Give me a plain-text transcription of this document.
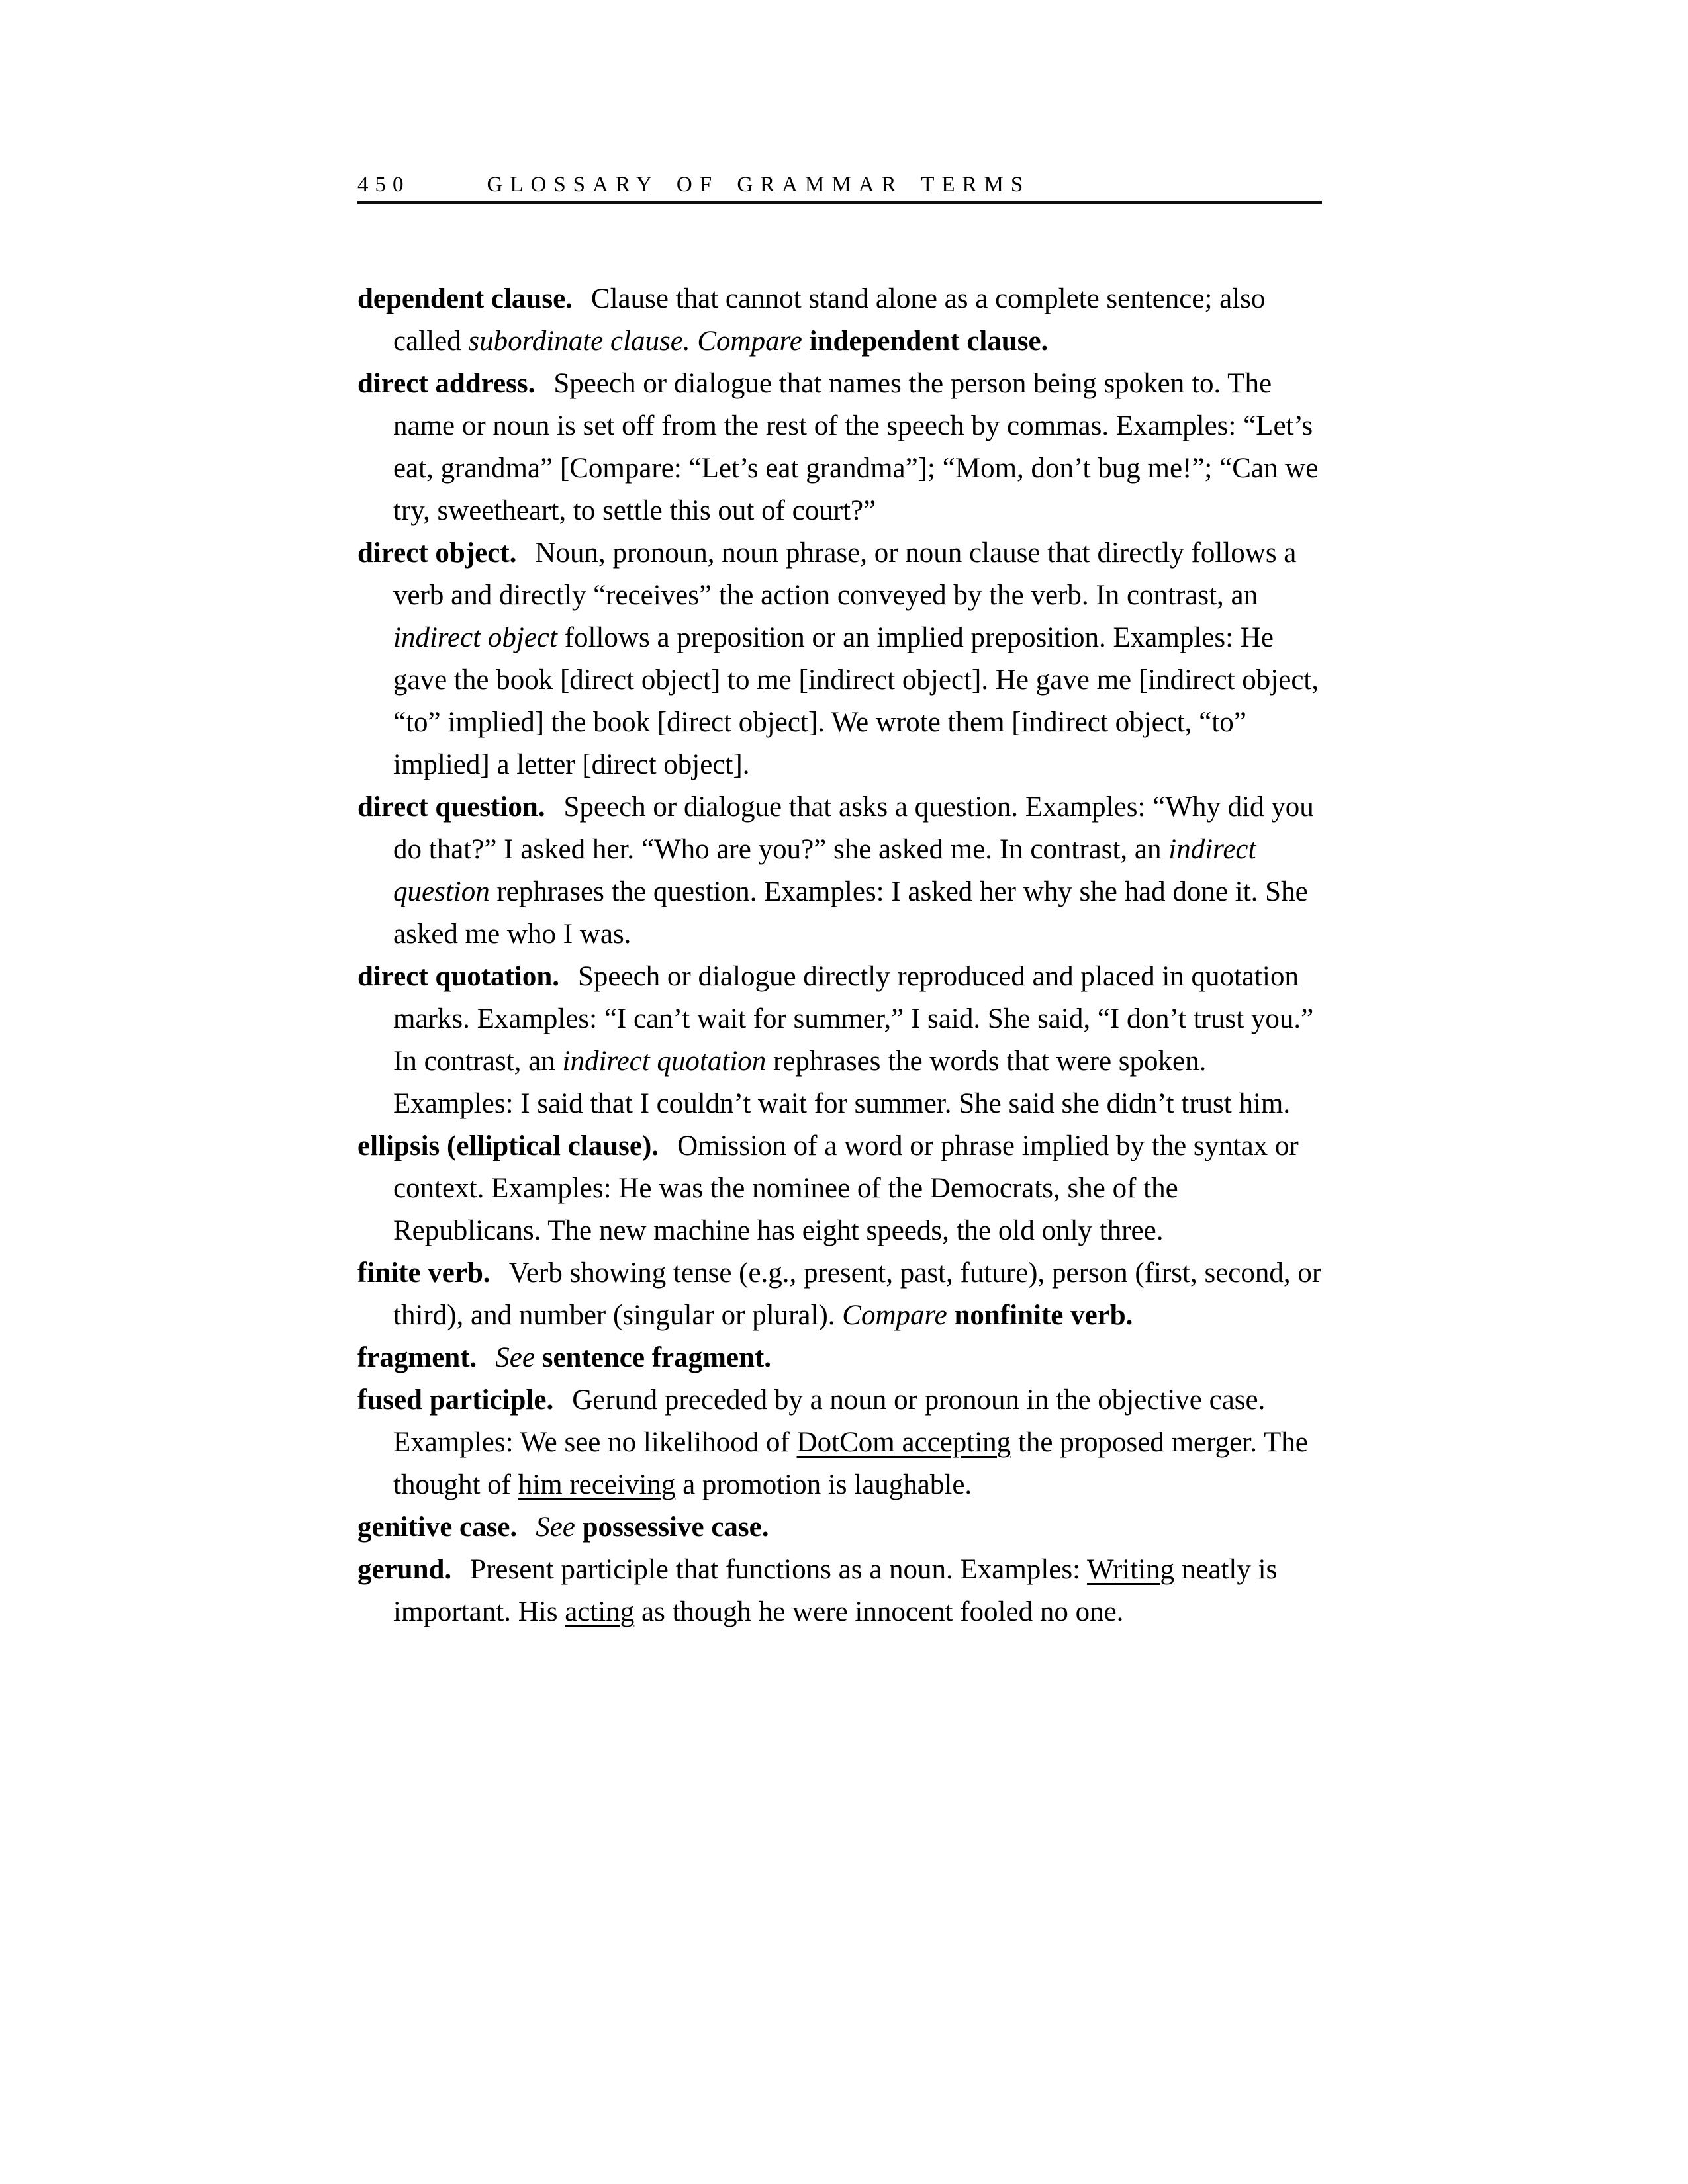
450	GLOSSARY OF GRAMMAR TERMS

dependent clause. Clause that cannot stand alone as a complete sentence; also called subordinate clause. Compare independent clause.

direct address. Speech or dialogue that names the person being spoken to. The name or noun is set off from the rest of the speech by commas. Examples: “Let’s eat, grandma” [Compare: “Let’s eat grandma”]; “Mom, don’t bug me!”; “Can we try, sweetheart, to settle this out of court?”

direct object. Noun, pronoun, noun phrase, or noun clause that directly follows a verb and directly “receives” the action conveyed by the verb. In contrast, an indirect object follows a preposition or an implied preposition. Examples: He gave the book [direct object] to me [indirect object]. He gave me [indirect object, “to” implied] the book [direct object]. We wrote them [indirect object, “to” implied] a letter [direct object].

direct question. Speech or dialogue that asks a question. Examples: “Why did you do that?” I asked her. “Who are you?” she asked me. In contrast, an indirect question rephrases the question. Examples: I asked her why she had done it. She asked me who I was.

direct quotation. Speech or dialogue directly reproduced and placed in quotation marks. Examples: “I can’t wait for summer,” I said. She said, “I don’t trust you.” In contrast, an indirect quotation rephrases the words that were spoken. Examples: I said that I couldn’t wait for summer. She said she didn’t trust him.

ellipsis (elliptical clause). Omission of a word or phrase implied by the syntax or context. Examples: He was the nominee of the Democrats, she of the Republicans. The new machine has eight speeds, the old only three.

finite verb. Verb showing tense (e.g., present, past, future), person (first, second, or third), and number (singular or plural). Compare nonfinite verb.

fragment. See sentence fragment.

fused participle. Gerund preceded by a noun or pronoun in the objective case. Examples: We see no likelihood of DotCom accepting the proposed merger. The thought of him receiving a promotion is laughable.

genitive case. See possessive case.

gerund. Present participle that functions as a noun. Examples: Writing neatly is important. His acting as though he were innocent fooled no one.
